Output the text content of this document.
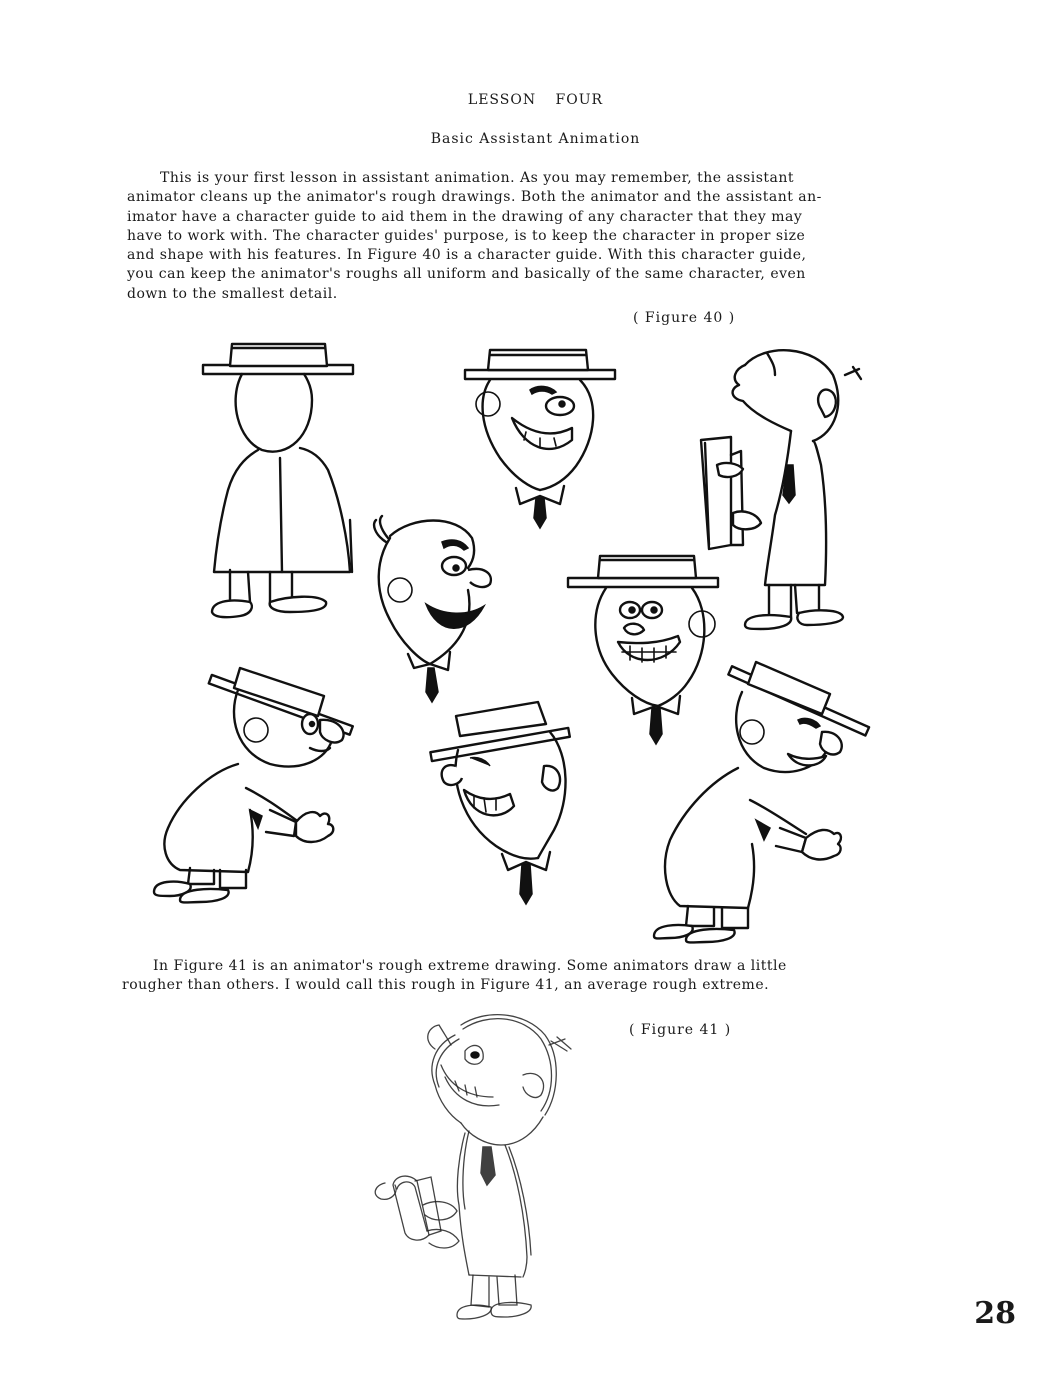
LESSON FOUR
Basic Assistant Animation
This is your first lesson in assistant animation. As you may remember, the assistant
animator cleans up the animator's rough drawings. Both the animator and the assistant an-
imator have a character guide to aid them in the drawing of any character that they may
have to work with. The character guides' purpose, is to keep the character in proper size
and shape with his features. In Figure 40 is a character guide. With this character guide,
you can keep the animator's roughs all uniform and basically of the same character, even
down to the smallest detail.
( Figure 40 )
In Figure 41 is an animator's rough extreme drawing. Some animators draw a little
rougher than others. I would call this rough in Figure 41, an average rough extreme.
( Figure 41 )
28
